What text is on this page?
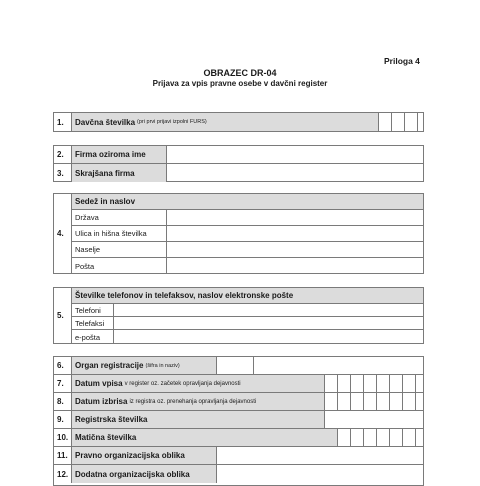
Priloga 4
OBRAZEC DR-04
Prijava za vpis pravne osebe v davčni register
1.	Davčna številka (pri prvi prijavi izpolni FURS)
2.	Firma oziroma ime
3.	Skrajšana firma
4.
Sedež in naslov
Država
Ulica in hišna številka
Naselje
Pošta
5.
Številke telefonov in telefaksov, naslov elektronske pošte
Telefoni
Telefaksi
e-pošta
6.	Organ registracije (šifra in naziv)
7.	Datum vpisa v register oz. začetek opravljanja dejavnosti
8.	Datum izbrisa iz registra oz. prenehanja opravljanja dejavnosti
9.	Registrska številka
10. Matična številka
11. Pravno organizacijska oblika
12. Dodatna organizacijska oblika
